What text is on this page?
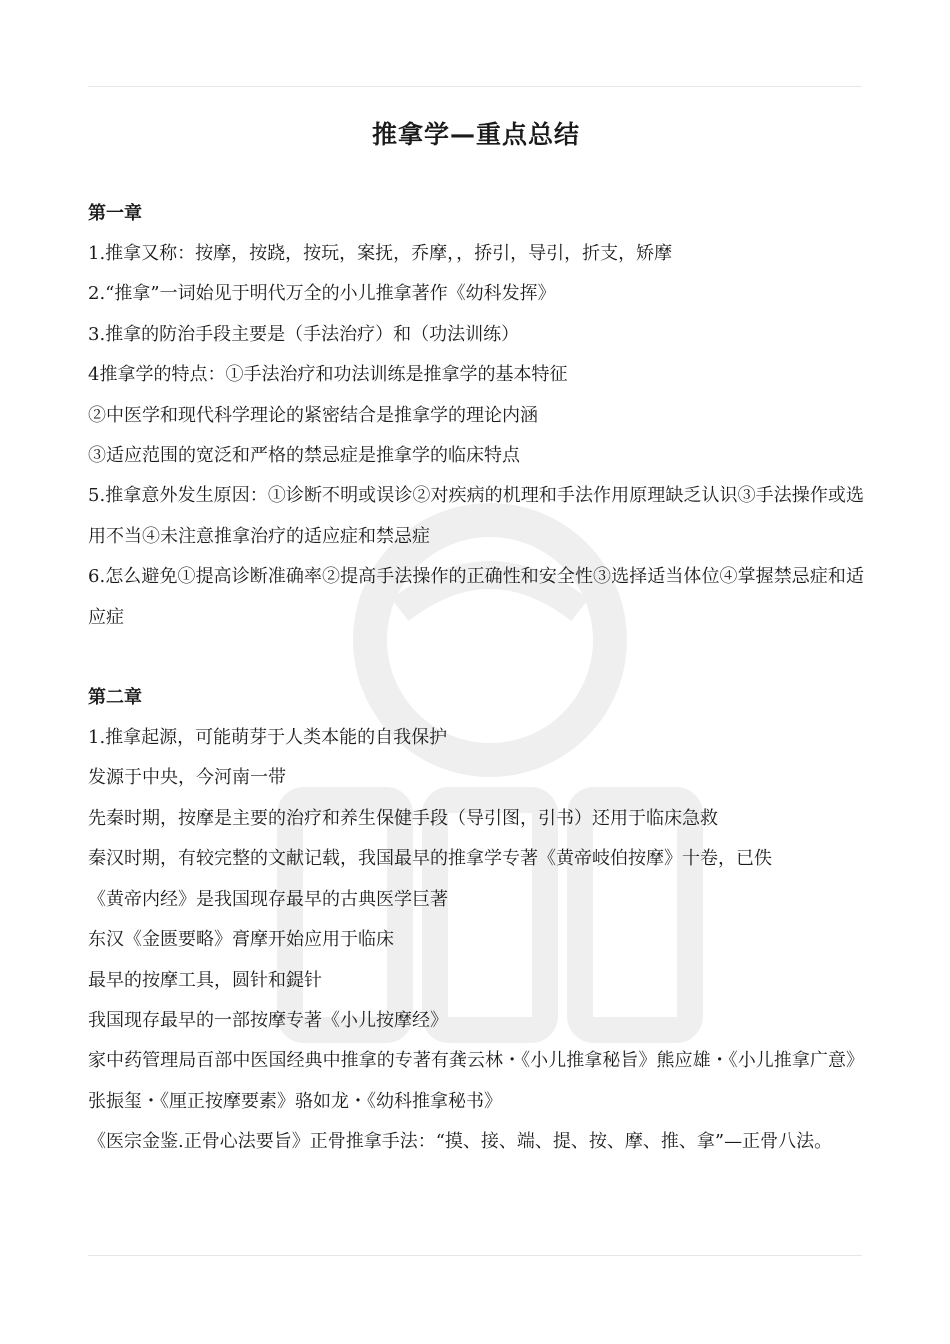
推拿学—重点总结
第一章

1.推拿又称：按摩，按跷，按玩，案抚，乔摩，，挢引，导引，折支，矫摩

2.“推拿”一词始见于明代万全的小儿推拿著作《幼科发挥》

3.推拿的防治手段主要是（手法治疗）和（功法训练）

4推拿学的特点：①手法治疗和功法训练是推拿学的基本特征

②中医学和现代科学理论的紧密结合是推拿学的理论内涵

③适应范围的宽泛和严格的禁忌症是推拿学的临床特点

5.推拿意外发生原因：①诊断不明或误诊②对疾病的机理和手法作用原理缺乏认识③手法操作或选用不当④未注意推拿治疗的适应症和禁忌症

6.怎么避免①提高诊断准确率②提高手法操作的正确性和安全性③选择适当体位④掌握禁忌症和适应症

第二章

1.推拿起源，可能萌芽于人类本能的自我保护

发源于中央，今河南一带

先秦时期，按摩是主要的治疗和养生保健手段（导引图，引书）还用于临床急救

秦汉时期，有较完整的文献记载，我国最早的推拿学专著《黄帝岐伯按摩》十卷，已佚

《黄帝内经》是我国现存最早的古典医学巨著

东汉《金匮要略》膏摩开始应用于临床

最早的按摩工具，圆针和鍉针

我国现存最早的一部按摩专著《小儿按摩经》

家中药管理局百部中医国经典中推拿的专著有龚云林・《小儿推拿秘旨》熊应雄・《小儿推拿广意》张振玺・《厘正按摩要素》骆如龙・《幼科推拿秘书》

《医宗金鉴.正骨心法要旨》正骨推拿手法：“摸、接、端、提、按、摩、推、拿”—正骨八法。
